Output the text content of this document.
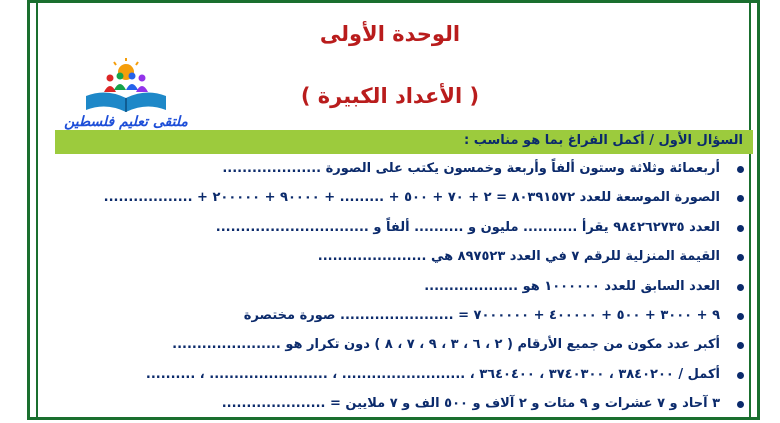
الوحدة الأولى
ملتقى تعليم فلسطين
( الأعداد الكبيرة )
السؤال الأول / أكمل الفراغ بما هو مناسب :
أربعمائة وثلاثة وستون ألفاً وأربعة وخمسون يكتب على الصورة ....................
الصورة الموسعة للعدد ٨٠٣٩١٥٧٢ = ٢ + ٧٠ + ٥٠٠ + ......... + ٩٠٠٠٠ + ٢٠٠٠٠٠ + ..................
العدد ٩٨٤٢٦٢٧٣٥ يقرأ ........... مليون و .......... ألفاً و ...............................
القيمة المنزلية للرقم ٧ في العدد ٨٩٧٥٢٣ هي ......................
العدد السابق للعدد ١٠٠٠٠٠٠ هو ...................
٩ + ٣٠٠٠ + ٥٠٠ + ٤٠٠٠٠٠ + ٧٠٠٠٠٠٠ = ....................... صورة مختصرة
أكبر عدد مكون من جميع الأرقام ( ٢ ، ٦ ، ٣ ، ٩ ، ٧ ، ٨ ) دون تكرار هو ......................
أكمل / ٣٨٤٠٢٠٠ ، ٣٧٤٠٣٠٠ ، ٣٦٤٠٤٠٠ ، ......................... ، ........................ ، ..........
٣ آحاد و ٧ عشرات و ٩ مئات و ٢ آلاف و ٥٠٠ الف و ٧ ملايين = .....................
